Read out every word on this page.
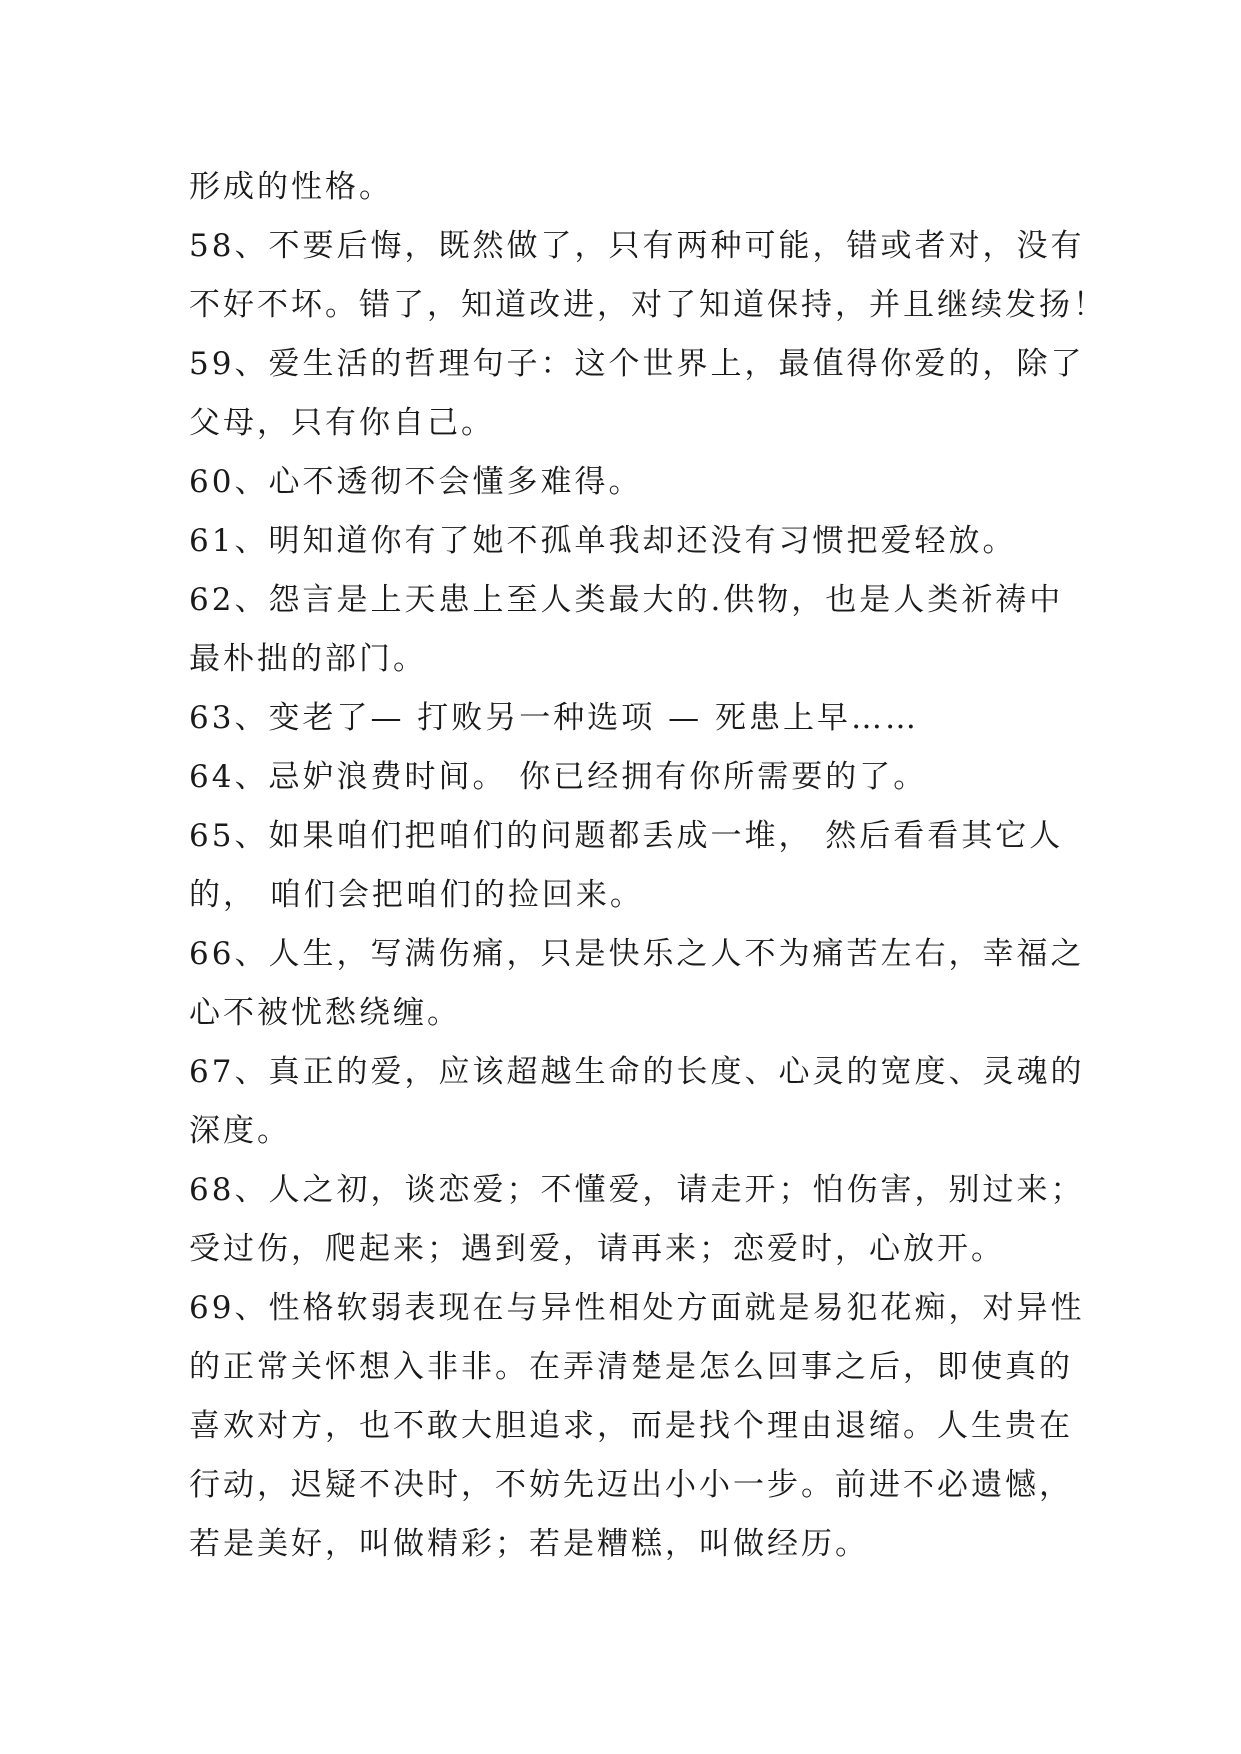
形成的性格。
58、不要后悔，既然做了，只有两种可能，错或者对，没有
不好不坏。错了，知道改进，对了知道保持，并且继续发扬！
59、爱生活的哲理句子：这个世界上，最值得你爱的，除了
父母，只有你自己。
60、心不透彻不会懂多难得。
61、明知道你有了她不孤单我却还没有习惯把爱轻放。
62、怨言是上天患上至人类最大的.供物，也是人类祈祷中
最朴拙的部门。
63、变老了— 打败另一种选项 — 死患上早……
64、忌妒浪费时间。 你已经拥有你所需要的了。
65、如果咱们把咱们的问题都丢成一堆， 然后看看其它人
的， 咱们会把咱们的捡回来。
66、人生，写满伤痛，只是快乐之人不为痛苦左右，幸福之
心不被忧愁绕缠。
67、真正的爱，应该超越生命的长度、心灵的宽度、灵魂的
深度。
68、人之初，谈恋爱；不懂爱，请走开；怕伤害，别过来；
受过伤，爬起来；遇到爱，请再来；恋爱时，心放开。
69、性格软弱表现在与异性相处方面就是易犯花痴，对异性
的正常关怀想入非非。在弄清楚是怎么回事之后，即使真的
喜欢对方，也不敢大胆追求，而是找个理由退缩。人生贵在
行动，迟疑不决时，不妨先迈出小小一步。前进不必遗憾，
若是美好，叫做精彩；若是糟糕，叫做经历。
